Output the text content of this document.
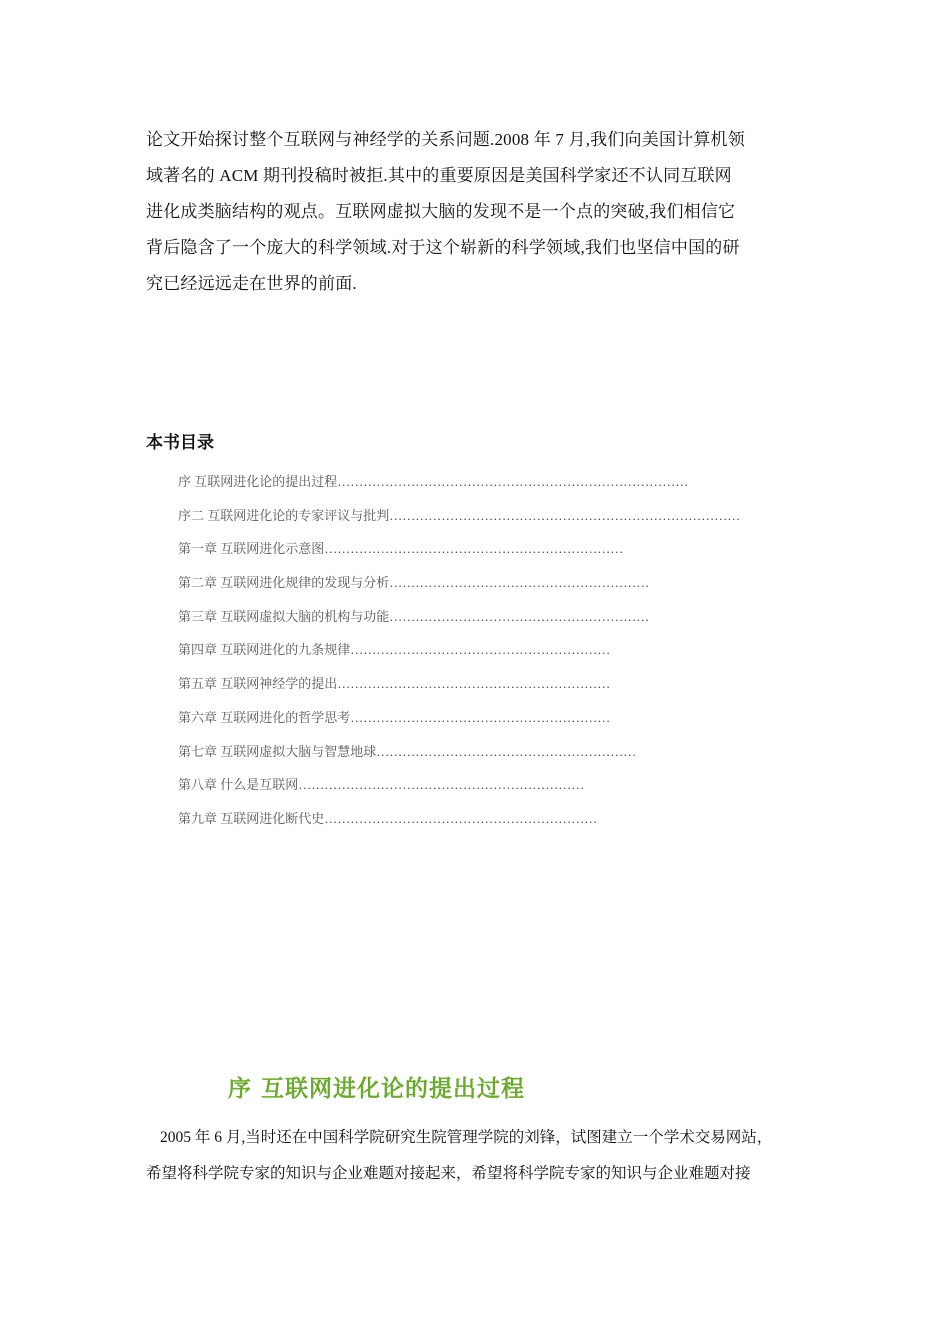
论文开始探讨整个互联网与神经学的关系问题.2008 年 7 月,我们向美国计算机领
域著名的 ACM 期刊投稿时被拒.其中的重要原因是美国科学家还不认同互联网
进化成类脑结构的观点。互联网虚拟大脑的发现不是一个点的突破,我们相信它
背后隐含了一个庞大的科学领域.对于这个崭新的科学领域,我们也坚信中国的研
究已经远远走在世界的前面.
本书目录
序 互联网进化论的提出过程………………………………………………………………………
序二 互联网进化论的专家评议与批判………………………………………………………………………
第一章 互联网进化示意图……………………………………………………………
第二章 互联网进化规律的发现与分析……………………………………………………
第三章 互联网虚拟大脑的机构与功能……………………………………………………
第四章 互联网进化的九条规律……………………………………………………
第五章 互联网神经学的提出………………………………………………………
第六章 互联网进化的哲学思考……………………………………………………
第七章 互联网虚拟大脑与智慧地球……………………………………………………
第八章 什么是互联网…………………………………………………………
第九章 互联网进化断代史………………………………………………………
序 互联网进化论的提出过程
2005 年 6 月,当时还在中国科学院研究生院管理学院的刘锋，试图建立一个学术交易网站，
希望将科学院专家的知识与企业难题对接起来，希望将科学院专家的知识与企业难题对接
